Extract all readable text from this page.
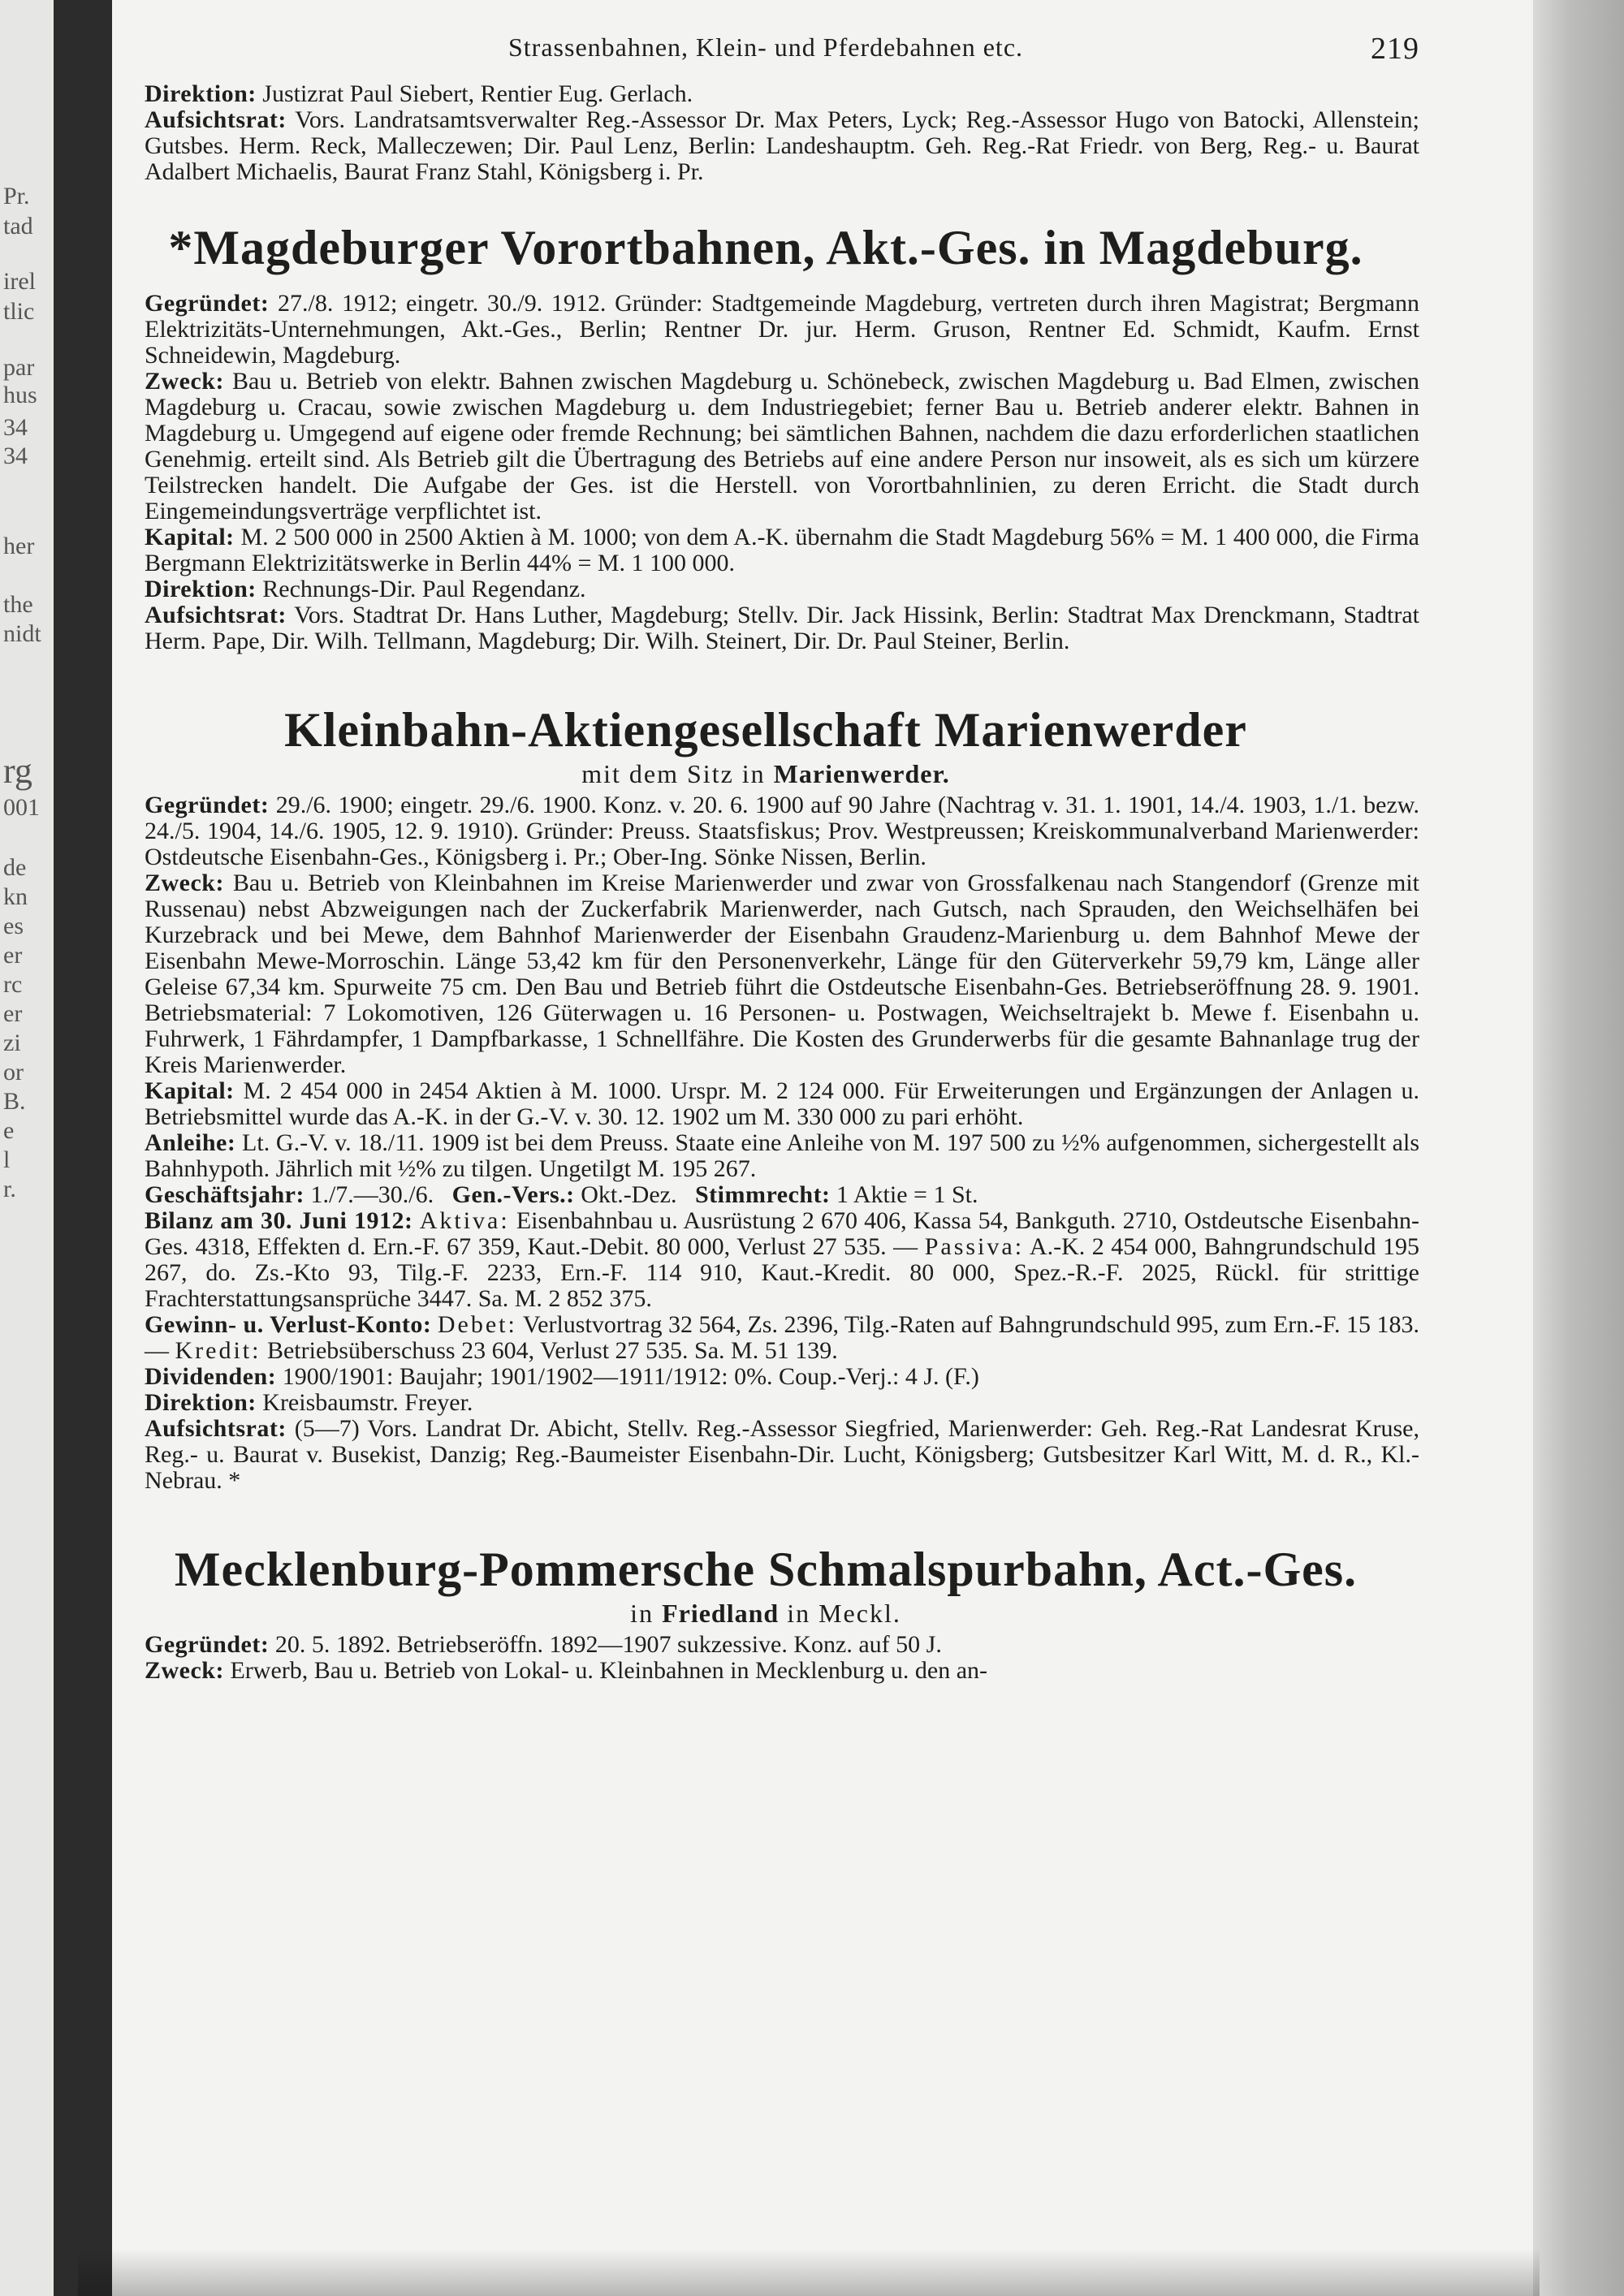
Pr.
tad
irel
tlic
par
hus
34
34
her
the
nidt
rg
001
de
kn
es
er
rc
er
zi
or
B.
e
l
r.
Strassenbahnen, Klein- und Pferdebahnen etc.	219

Direktion: Justizrat Paul Siebert, Rentier Eug. Gerlach.

Aufsichtsrat: Vors. Landratsamtsverwalter Reg.-Assessor Dr. Max Peters, Lyck; Reg.-Assessor Hugo von Batocki, Allenstein; Gutsbes. Herm. Reck, Malleczewen; Dir. Paul Lenz, Berlin: Landeshauptm. Geh. Reg.-Rat Friedr. von Berg, Reg.- u. Baurat Adalbert Michaelis, Baurat Franz Stahl, Königsberg i. Pr.

*Magdeburger Vorortbahnen, Akt.-Ges. in Magdeburg.

Gegründet: 27./8. 1912; eingetr. 30./9. 1912. Gründer: Stadtgemeinde Magdeburg, vertreten durch ihren Magistrat; Bergmann Elektrizitäts-Unternehmungen, Akt.-Ges., Berlin; Rentner Dr. jur. Herm. Gruson, Rentner Ed. Schmidt, Kaufm. Ernst Schneidewin, Magdeburg.

Zweck: Bau u. Betrieb von elektr. Bahnen zwischen Magdeburg u. Schönebeck, zwischen Magdeburg u. Bad Elmen, zwischen Magdeburg u. Cracau, sowie zwischen Magdeburg u. dem Industriegebiet; ferner Bau u. Betrieb anderer elektr. Bahnen in Magdeburg u. Umgegend auf eigene oder fremde Rechnung; bei sämtlichen Bahnen, nachdem die dazu erforderlichen staatlichen Genehmig. erteilt sind. Als Betrieb gilt die Übertragung des Betriebs auf eine andere Person nur insoweit, als es sich um kürzere Teilstrecken handelt. Die Aufgabe der Ges. ist die Herstell. von Vorortbahnlinien, zu deren Erricht. die Stadt durch Eingemeindungsverträge verpflichtet ist.

Kapital: M. 2 500 000 in 2500 Aktien à M. 1000; von dem A.-K. übernahm die Stadt Magdeburg 56% = M. 1 400 000, die Firma Bergmann Elektrizitätswerke in Berlin 44% = M. 1 100 000.

Direktion: Rechnungs-Dir. Paul Regendanz.

Aufsichtsrat: Vors. Stadtrat Dr. Hans Luther, Magdeburg; Stellv. Dir. Jack Hissink, Berlin: Stadtrat Max Drenckmann, Stadtrat Herm. Pape, Dir. Wilh. Tellmann, Magdeburg; Dir. Wilh. Steinert, Dir. Dr. Paul Steiner, Berlin.

Kleinbahn-Aktiengesellschaft Marienwerder

mit dem Sitz in Marienwerder.

Gegründet: 29./6. 1900; eingetr. 29./6. 1900. Konz. v. 20. 6. 1900 auf 90 Jahre (Nachtrag v. 31. 1. 1901, 14./4. 1903, 1./1. bezw. 24./5. 1904, 14./6. 1905, 12. 9. 1910). Gründer: Preuss. Staatsfiskus; Prov. Westpreussen; Kreiskommunalverband Marienwerder: Ostdeutsche Eisenbahn-Ges., Königsberg i. Pr.; Ober-Ing. Sönke Nissen, Berlin.

Zweck: Bau u. Betrieb von Kleinbahnen im Kreise Marienwerder und zwar von Grossfalkenau nach Stangendorf (Grenze mit Russenau) nebst Abzweigungen nach der Zuckerfabrik Marienwerder, nach Gutsch, nach Sprauden, den Weichselhäfen bei Kurzebrack und bei Mewe, dem Bahnhof Marienwerder der Eisenbahn Graudenz-Marienburg u. dem Bahnhof Mewe der Eisenbahn Mewe-Morroschin. Länge 53,42 km für den Personenverkehr, Länge für den Güterverkehr 59,79 km, Länge aller Geleise 67,34 km. Spurweite 75 cm. Den Bau und Betrieb führt die Ostdeutsche Eisenbahn-Ges. Betriebseröffnung 28. 9. 1901. Betriebsmaterial: 7 Lokomotiven, 126 Güterwagen u. 16 Personen- u. Postwagen, Weichseltrajekt b. Mewe f. Eisenbahn u. Fuhrwerk, 1 Fährdampfer, 1 Dampfbarkasse, 1 Schnellfähre. Die Kosten des Grunderwerbs für die gesamte Bahnanlage trug der Kreis Marienwerder.

Kapital: M. 2 454 000 in 2454 Aktien à M. 1000. Urspr. M. 2 124 000. Für Erweiterungen und Ergänzungen der Anlagen u. Betriebsmittel wurde das A.-K. in der G.-V. v. 30. 12. 1902 um M. 330 000 zu pari erhöht.

Anleihe: Lt. G.-V. v. 18./11. 1909 ist bei dem Preuss. Staate eine Anleihe von M. 197 500 zu ½% aufgenommen, sichergestellt als Bahnhypoth. Jährlich mit ½% zu tilgen. Ungetilgt M. 195 267.

Geschäftsjahr: 1./7.—30./6. Gen.-Vers.: Okt.-Dez. Stimmrecht: 1 Aktie = 1 St.

Bilanz am 30. Juni 1912: Aktiva: Eisenbahnbau u. Ausrüstung 2 670 406, Kassa 54, Bankguth. 2710, Ostdeutsche Eisenbahn-Ges. 4318, Effekten d. Ern.-F. 67 359, Kaut.-Debit. 80 000, Verlust 27 535. — Passiva: A.-K. 2 454 000, Bahngrundschuld 195 267, do. Zs.-Kto 93, Tilg.-F. 2233, Ern.-F. 114 910, Kaut.-Kredit. 80 000, Spez.-R.-F. 2025, Rückl. für strittige Frachterstattungsansprüche 3447. Sa. M. 2 852 375.

Gewinn- u. Verlust-Konto: Debet: Verlustvortrag 32 564, Zs. 2396, Tilg.-Raten auf Bahngrundschuld 995, zum Ern.-F. 15 183. — Kredit: Betriebsüberschuss 23 604, Verlust 27 535. Sa. M. 51 139.

Dividenden: 1900/1901: Baujahr; 1901/1902—1911/1912: 0%. Coup.-Verj.: 4 J. (F.)

Direktion: Kreisbaumstr. Freyer.

Aufsichtsrat: (5—7) Vors. Landrat Dr. Abicht, Stellv. Reg.-Assessor Siegfried, Marienwerder: Geh. Reg.-Rat Landesrat Kruse, Reg.- u. Baurat v. Busekist, Danzig; Reg.-Baumeister Eisenbahn-Dir. Lucht, Königsberg; Gutsbesitzer Karl Witt, M. d. R., Kl.-Nebrau. *

Mecklenburg-Pommersche Schmalspurbahn, Act.-Ges.

in Friedland in Meckl.

Gegründet: 20. 5. 1892. Betriebseröffn. 1892—1907 sukzessive. Konz. auf 50 J.

Zweck: Erwerb, Bau u. Betrieb von Lokal- u. Kleinbahnen in Mecklenburg u. den an-
